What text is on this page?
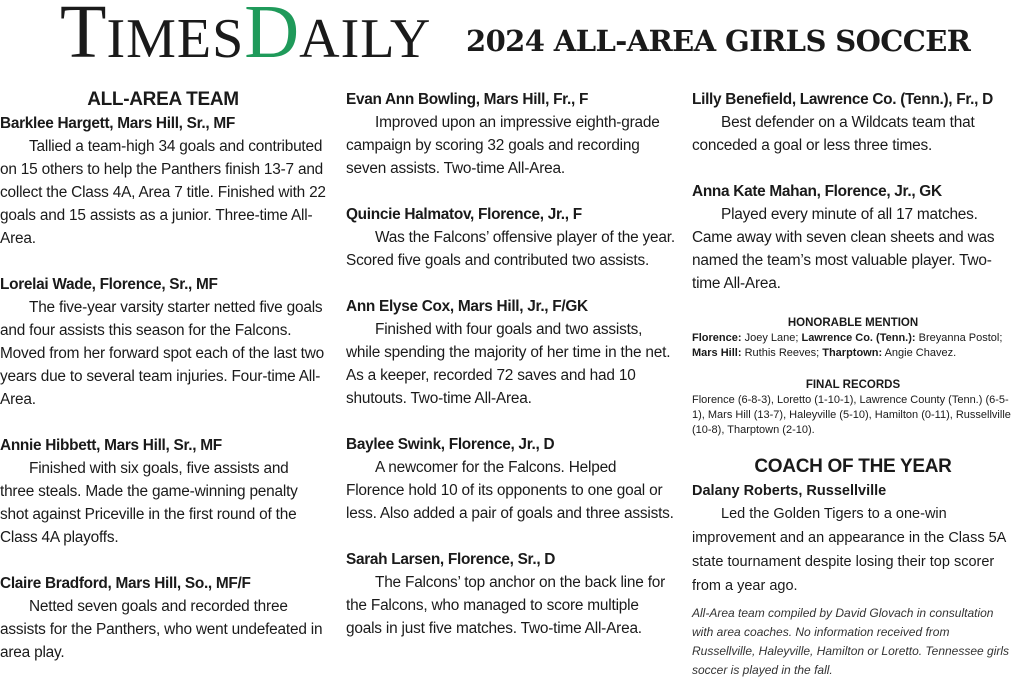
TIMESDAILY 2024 ALL-AREA GIRLS SOCCER
ALL-AREA TEAM

Barklee Hargett, Mars Hill, Sr., MF

Tallied a team-high 34 goals and contributed on 15 others to help the Panthers finish 13-7 and collect the Class 4A, Area 7 title. Finished with 22 goals and 15 assists as a junior. Three-time All-Area.

Lorelai Wade, Florence, Sr., MF

The five-year varsity starter netted five goals and four assists this season for the Falcons. Moved from her forward spot each of the last two years due to several team injuries. Four-time All-Area.

Annie Hibbett, Mars Hill, Sr., MF

Finished with six goals, five assists and three steals. Made the game-winning penalty shot against Priceville in the first round of the Class 4A playoffs.

Claire Bradford, Mars Hill, So., MF/F

Netted seven goals and recorded three assists for the Panthers, who went undefeated in area play.

Evan Ann Bowling, Mars Hill, Fr., F

Improved upon an impressive eighth-grade campaign by scoring 32 goals and recording seven assists. Two-time All-Area.

Quincie Halmatov, Florence, Jr., F

Was the Falcons’ offensive player of the year. Scored five goals and contributed two assists.

Ann Elyse Cox, Mars Hill, Jr., F/GK

Finished with four goals and two assists, while spending the majority of her time in the net. As a keeper, recorded 72 saves and had 10 shutouts. Two-time All-Area.

Baylee Swink, Florence, Jr., D

A newcomer for the Falcons. Helped Florence hold 10 of its opponents to one goal or less. Also added a pair of goals and three assists.

Sarah Larsen, Florence, Sr., D

The Falcons’ top anchor on the back line for the Falcons, who managed to score multiple goals in just five matches. Two-time All-Area.

Lilly Benefield, Lawrence Co. (Tenn.), Fr., D

Best defender on a Wildcats team that conceded a goal or less three times.

Anna Kate Mahan, Florence, Jr., GK

Played every minute of all 17 matches. Came away with seven clean sheets and was named the team’s most valuable player. Two-time All-Area.

HONORABLE MENTION

Florence: Joey Lane; Lawrence Co. (Tenn.): Breyanna Postol; Mars Hill: Ruthis Reeves; Tharptown: Angie Chavez.

FINAL RECORDS

Florence (6-8-3), Loretto (1-10-1), Lawrence County (Tenn.) (6-5-1), Mars Hill (13-7), Haleyville (5-10), Hamilton (0-11), Russellville (10-8), Tharptown (2-10).

COACH OF THE YEAR

Dalany Roberts, Russellville

Led the Golden Tigers to a one-win improvement and an appearance in the Class 5A state tournament despite losing their top scorer from a year ago.

All-Area team compiled by David Glovach in consultation with area coaches. No information received from Russellville, Haleyville, Hamilton or Loretto. Tennessee girls soccer is played in the fall.
